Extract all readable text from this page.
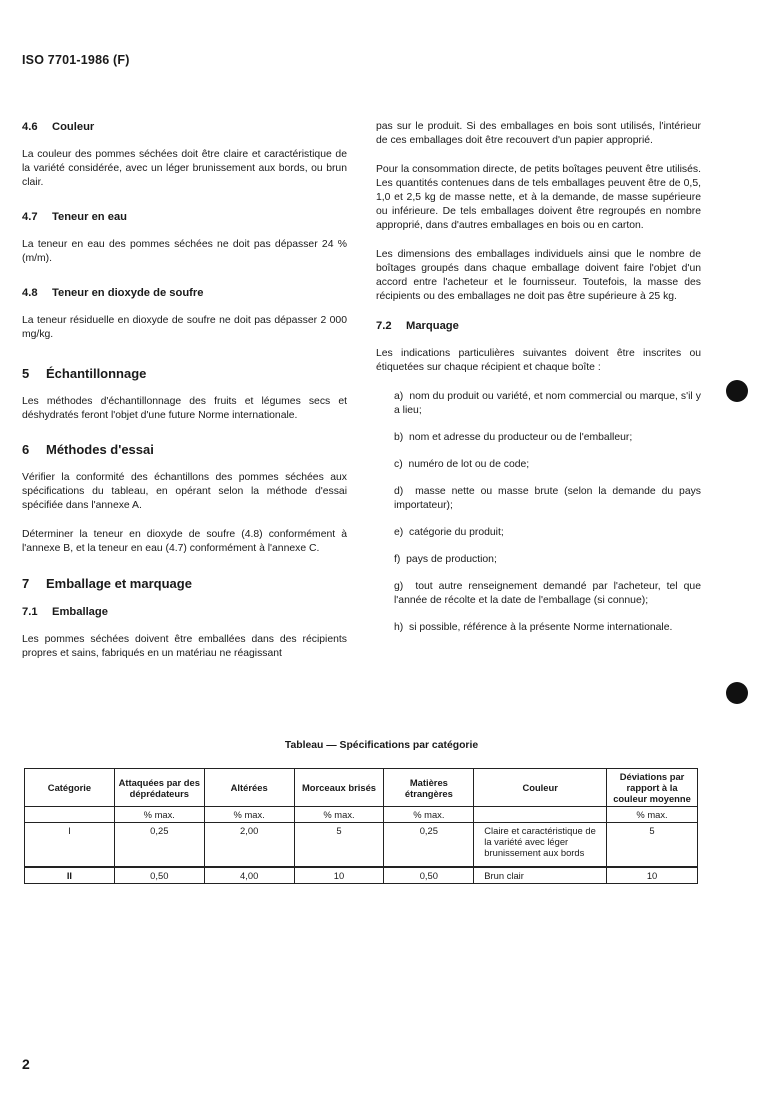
ISO 7701-1986 (F)
4.6 Couleur

La couleur des pommes séchées doit être claire et caractéristique de la variété considérée, avec un léger brunissement aux bords, ou brun clair.

4.7 Teneur en eau

La teneur en eau des pommes séchées ne doit pas dépasser 24 % (m/m).

4.8 Teneur en dioxyde de soufre

La teneur résiduelle en dioxyde de soufre ne doit pas dépasser 2 000 mg/kg.

5 Échantillonnage

Les méthodes d'échantillonnage des fruits et légumes secs et déshydratés feront l'objet d'une future Norme internationale.

6 Méthodes d'essai

Vérifier la conformité des échantillons des pommes séchées aux spécifications du tableau, en opérant selon la méthode d'essai spécifiée dans l'annexe A.

Déterminer la teneur en dioxyde de soufre (4.8) conformément à l'annexe B, et la teneur en eau (4.7) conformément à l'annexe C.

7 Emballage et marquage
7.1 Emballage

Les pommes séchées doivent être emballées dans des récipients propres et sains, fabriqués en un matériau ne réagissant

pas sur le produit. Si des emballages en bois sont utilisés, l'intérieur de ces emballages doit être recouvert d'un papier approprié.

Pour la consommation directe, de petits boîtages peuvent être utilisés. Les quantités contenues dans de tels emballages peuvent être de 0,5, 1,0 et 2,5 kg de masse nette, et à la demande, de masse supérieure ou inférieure. De tels emballages doivent être regroupés en nombre approprié, dans d'autres emballages en bois ou en carton.

Les dimensions des emballages individuels ainsi que le nombre de boîtages groupés dans chaque emballage doivent faire l'objet d'un accord entre l'acheteur et le fournisseur. Toutefois, la masse des récipients ou des emballages ne doit pas être supérieure à 25 kg.

7.2 Marquage

Les indications particulières suivantes doivent être inscrites ou étiquetées sur chaque récipient et chaque boîte :

a) nom du produit ou variété, et nom commercial ou marque, s'il y a lieu;

b) nom et adresse du producteur ou de l'emballeur;

c) numéro de lot ou de code;

d) masse nette ou masse brute (selon la demande du pays importateur);

e) catégorie du produit;

f) pays de production;

g) tout autre renseignement demandé par l'acheteur, tel que l'année de récolte et la date de l'emballage (si connue);

h) si possible, référence à la présente Norme internationale.

Tableau — Spécifications par catégorie
Catégorie	Attaquées par des déprédateurs	Altérées	Morceaux brisés	Matières étrangères	Couleur	Déviations par rapport à la couleur moyenne
	% max.	% max.	% max.	% max.		% max.
I	0,25	2,00	5	0,25	Claire et caractéristique de la variété avec léger brunissement aux bords	5
II	0,50	4,00	10	0,50	Brun clair	10
2
